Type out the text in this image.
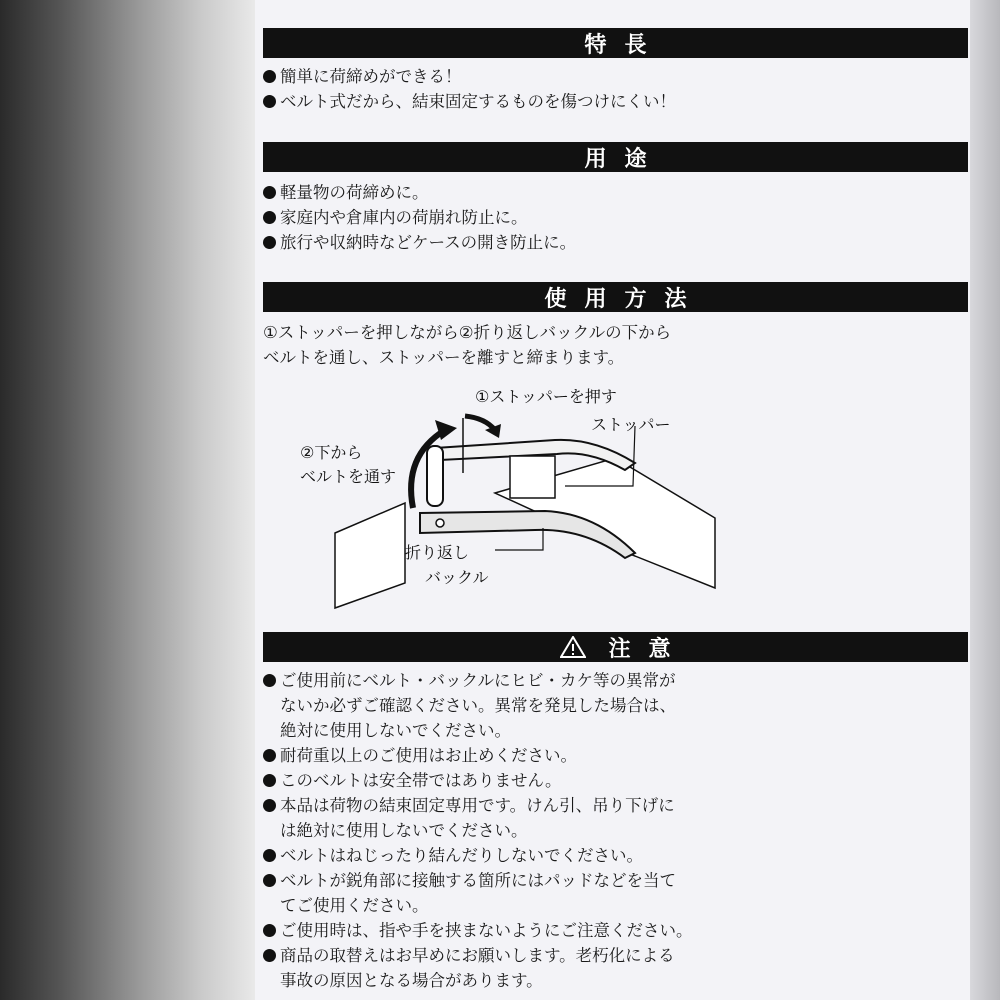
特長
簡単に荷締めができる！
ベルト式だから、結束固定するものを傷つけにくい！
用途
軽量物の荷締めに。
家庭内や倉庫内の荷崩れ防止に。
旅行や収納時などケースの開き防止に。
使用方法
①ストッパーを押しながら②折り返しバックルの下から
ベルトを通し、ストッパーを離すと締まります。
①ストッパーを押す
ストッパー
②下から
ベルトを通す
折り返し
バックル
注意
ご使用前にベルト・バックルにヒビ・カケ等の異常が
ないか必ずご確認ください。異常を発見した場合は、
絶対に使用しないでください。
耐荷重以上のご使用はお止めください。
このベルトは安全帯ではありません。
本品は荷物の結束固定専用です。けん引、吊り下げに
は絶対に使用しないでください。
ベルトはねじったり結んだりしないでください。
ベルトが鋭角部に接触する箇所にはパッドなどを当て
てご使用ください。
ご使用時は、指や手を挟まないようにご注意ください。
商品の取替えはお早めにお願いします。老朽化による
事故の原因となる場合があります。
